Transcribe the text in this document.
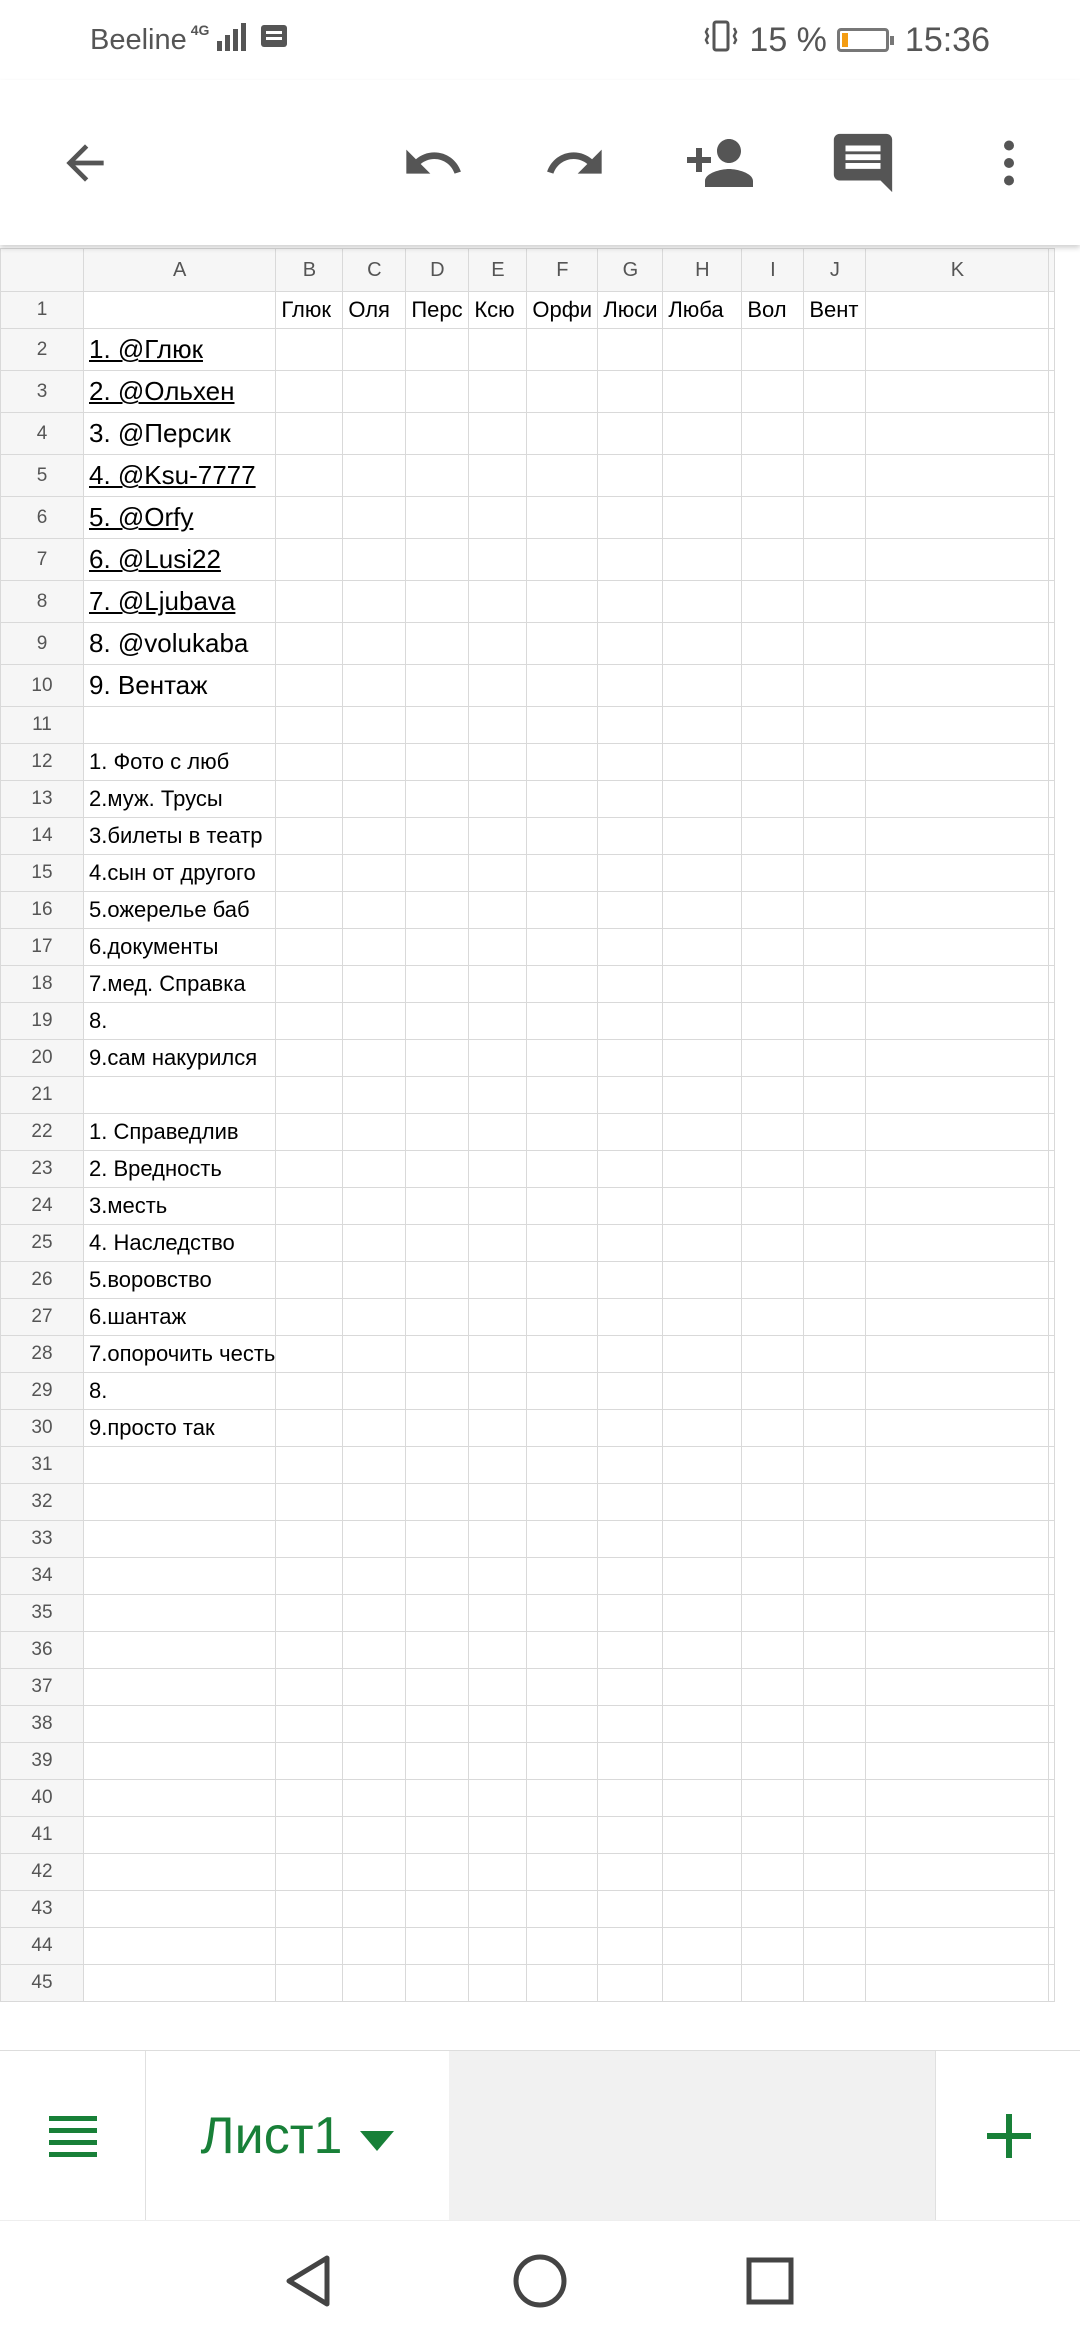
Beeline 4G	15 % 15:36
	A	B	C	D	E	F	G	H	I	J	K	
1		Глюк	Оля	Перс	Ксю	Орфи	Люси	Люба	Вол	Вент		
2	1. @Глюк											
3	2. @Ольхен											
4	3. @Персик											
5	4. @Ksu-7777											
6	5. @Orfy											
7	6. @Lusi22											
8	7. @Ljubava											
9	8. @volukaba											
10	9. Вентаж											
11												
12	1. Фото с люб											
13	2.муж. Трусы											
14	3.билеты в театр											
15	4.сын от другого											
16	5.ожерелье баб											
17	6.документы											
18	7.мед. Справка											
19	8.											
20	9.сам накурился											
21												
22	1. Справедлив											
23	2. Вредность											
24	3.месть											
25	4. Наследство											
26	5.воровство											
27	6.шантаж											
28	7.опорочить честь											
29	8.											
30	9.просто так											
31												
32												
33												
34												
35												
36												
37												
38												
39												
40												
41												
42												
43												
44												
45												
Лист1
